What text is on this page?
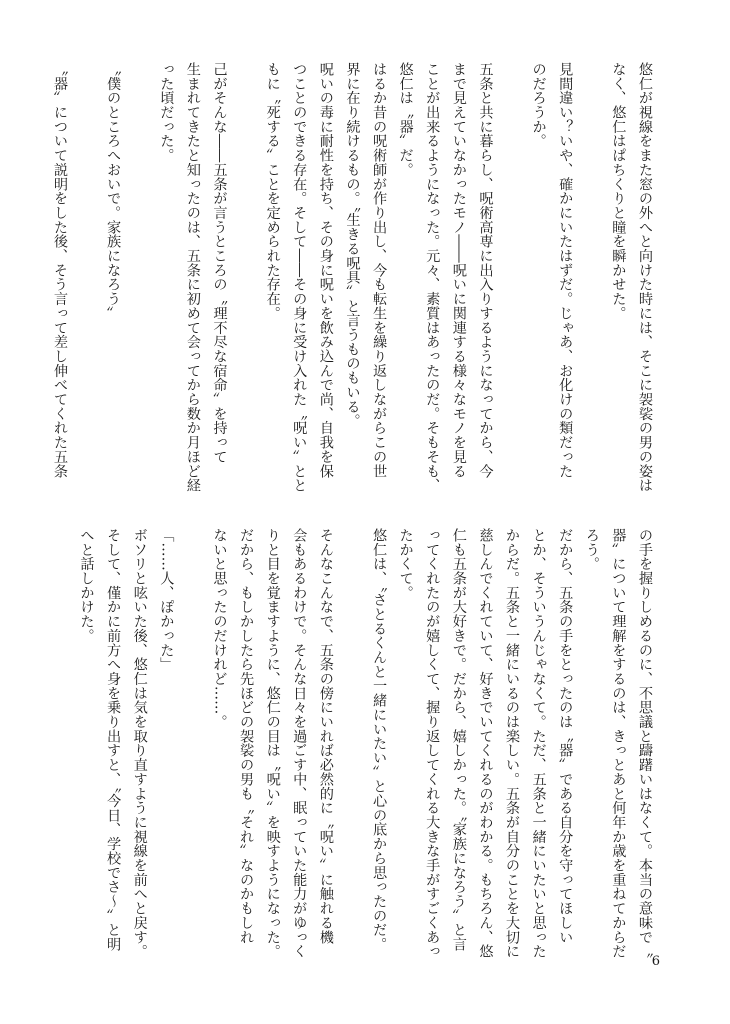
悠仁が視線をまた窓の外へと向けた時には、そこに袈裟の男の姿は

なく、悠仁はぱちくりと瞳を瞬かせた。

見間違い？いや、確かにいたはずだ。じゃあ、お化けの類だった

のだろうか。

五条と共に暮らし、呪術高専に出入りするようになってから、今

まで見えていなかったモノ――呪いに関連する様々なモノを見る

ことが出来るようになった。元々、素質はあったのだ。そもそも、

悠仁は〝器〟だ。

はるか昔の呪術師が作り出し、今も転生を繰り返しながらこの世

界に在り続けるもの。〝生きる呪具〟と言うものもいる。

呪いの毒に耐性を持ち、その身に呪いを飲み込んで尚、自我を保

つことのできる存在。そして――その身に受け入れた〝呪い〟とと

もに〝死する〟ことを定められた存在。

己がそんな――五条が言うところの〝理不尽な宿命〟を持って

生まれてきたと知ったのは、五条に初めて会ってから数か月ほど経

った頃だった。

〝僕のところへおいで。家族になろう〟

〝器〟について説明をした後、そう言って差し伸べてくれた五条

の手を握りしめるのに、不思議と躊躇いはなくて。本当の意味で〝

器〟について理解をするのは、きっとあと何年か歳を重ねてからだ

ろう。

だから、五条の手をとったのは〝器〟である自分を守ってほしい

とか、そういうんじゃなくて。ただ、五条と一緒にいたいと思った

からだ。五条と一緒にいるのは楽しい。五条が自分のことを大切に

慈しんでくれていて、好きでいてくれるのがわかる。もちろん、悠

仁も五条が大好きで。だから、嬉しかった。〝家族になろう〟と言

ってくれたのが嬉しくて、握り返してくれる大きな手がすごくあっ

たかくて。

悠仁は、〝さとるくんと一緒にいたい〟と心の底から思ったのだ。

そんなこんなで、五条の傍にいれば必然的に〝呪い〟に触れる機

会もあるわけで。そんな日々を過ごす中、眠っていた能力がゆっく

りと目を覚ますように、悠仁の目は〝呪い〟を映すようになった。

だから、もしかしたら先ほどの袈裟の男も〝それ〟なのかもしれ

ないと思ったのだけれど……。

「……人、ぽかった」

ボソリと呟いた後、悠仁は気を取り直すように視線を前へと戻す。

そして、僅かに前方へ身を乗り出すと、〝今日、学校でさ～〟と明

へと話しかけた。

6
